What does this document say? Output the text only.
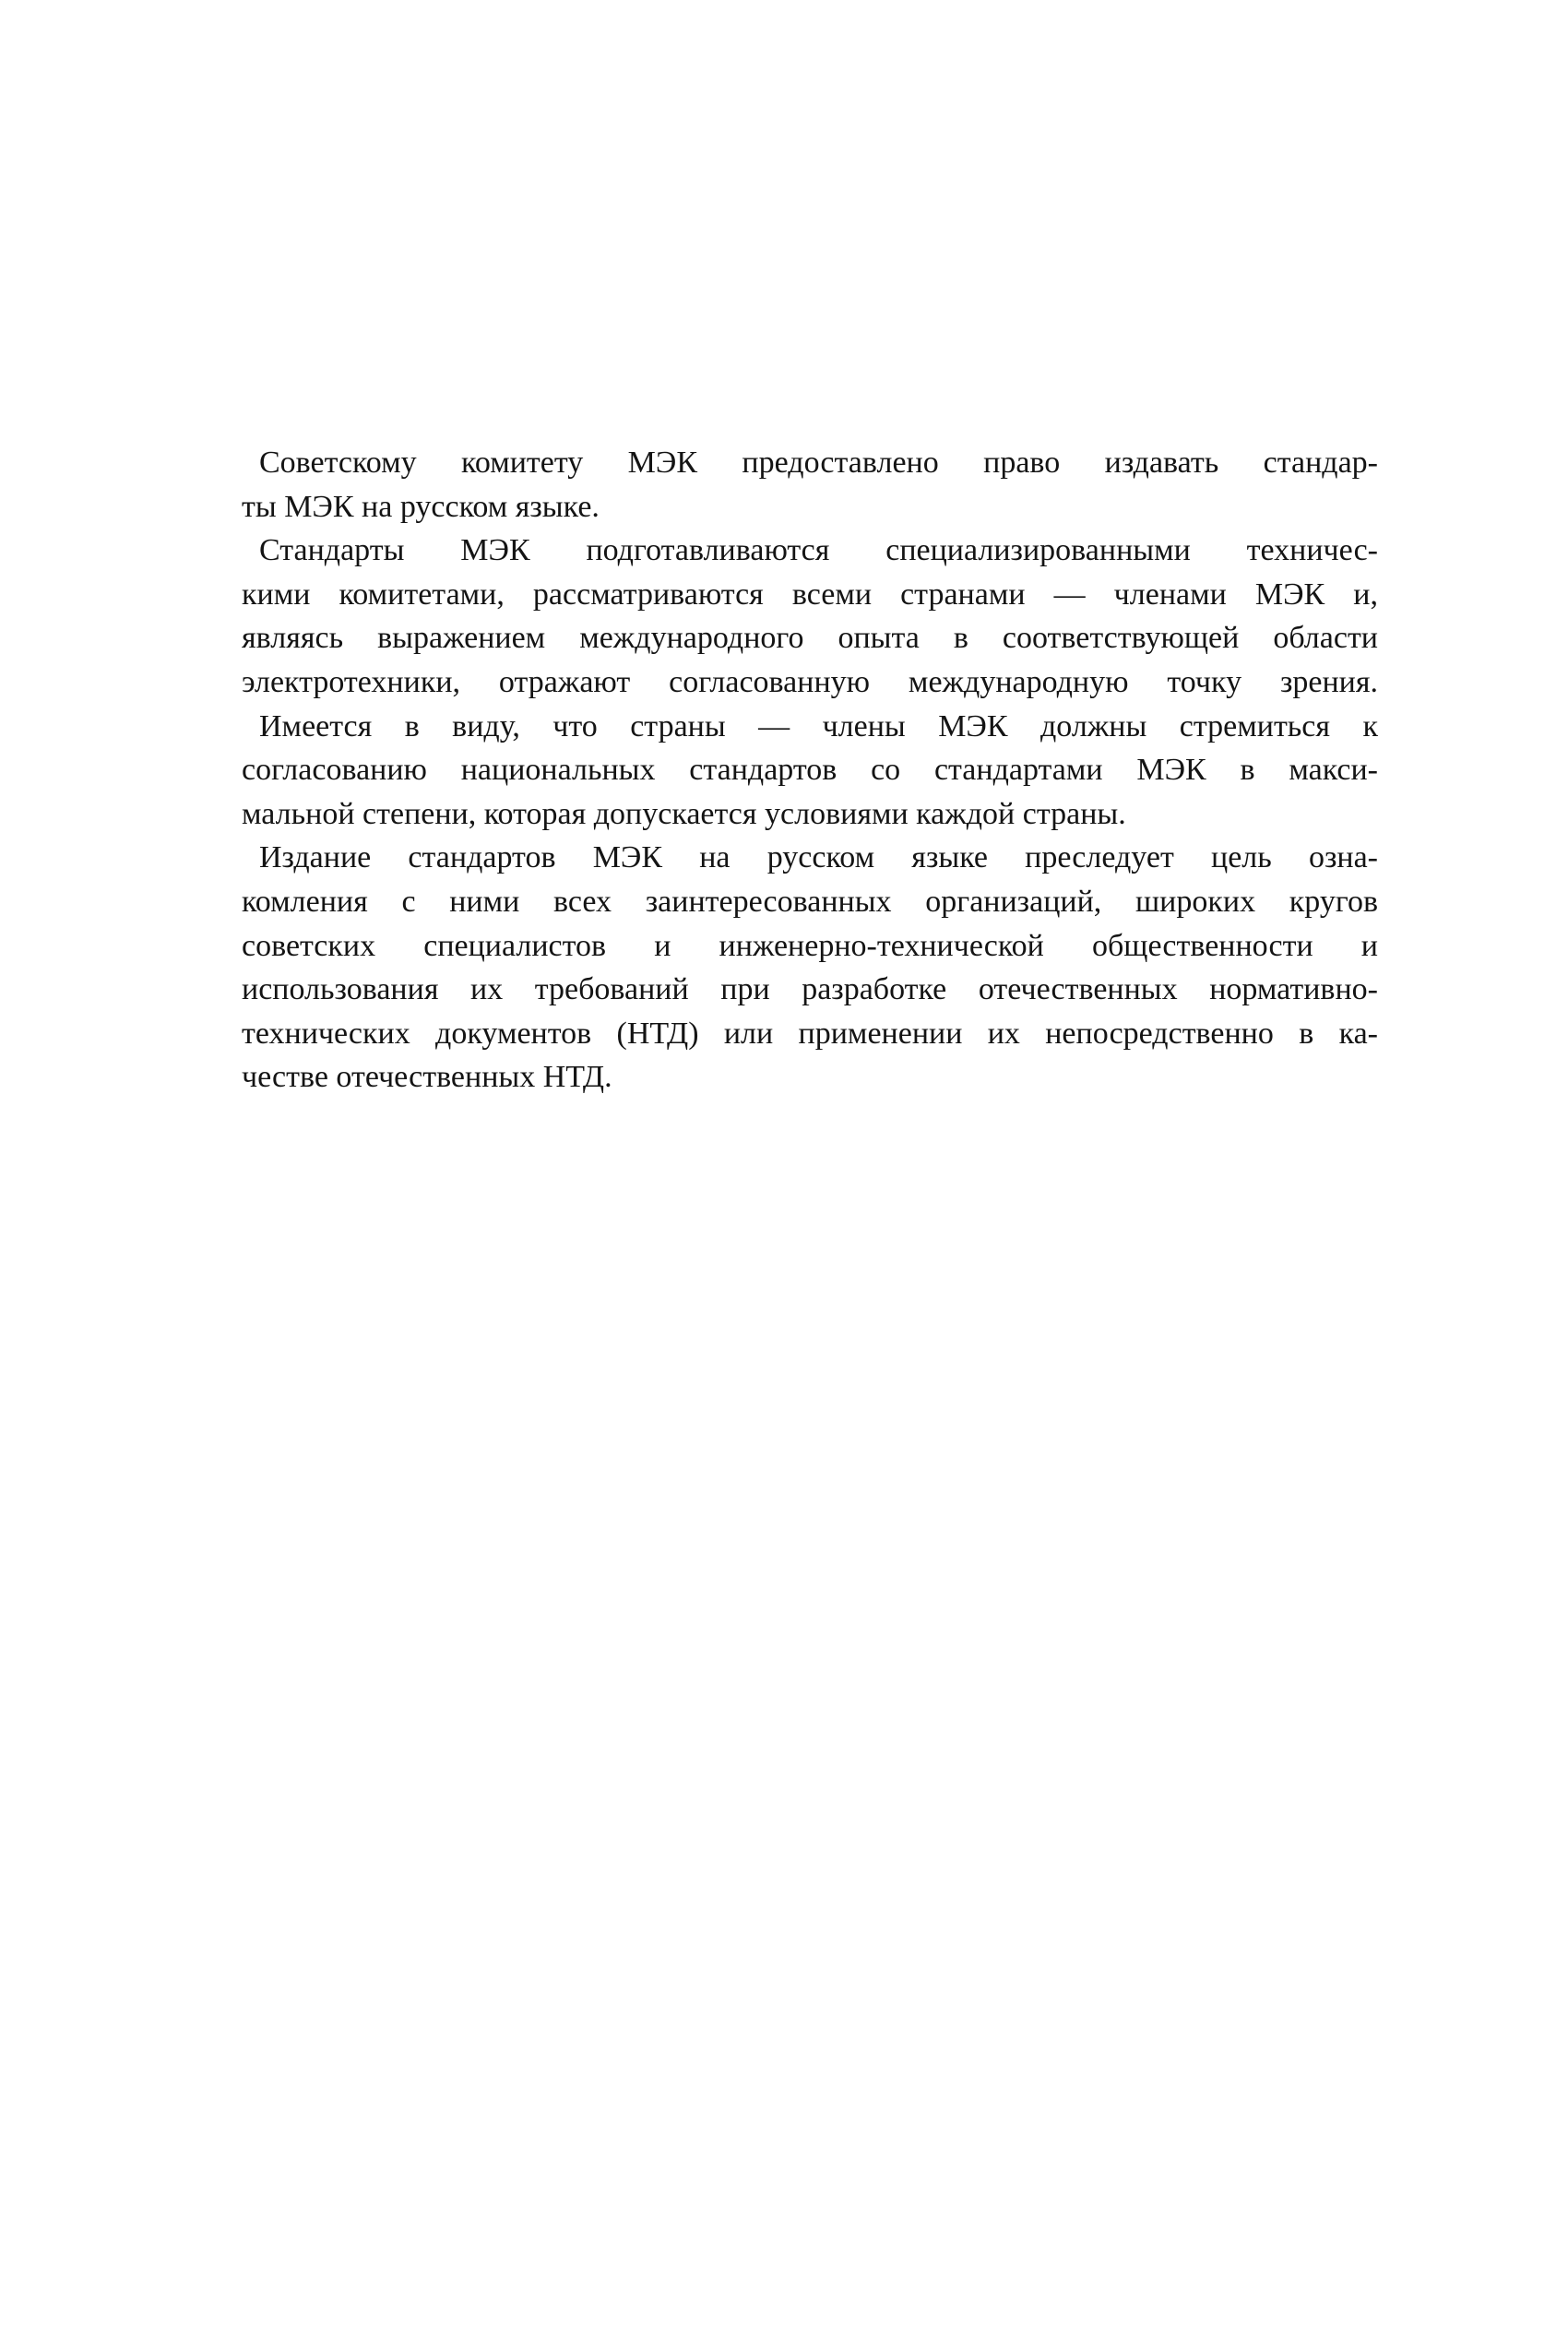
Советскому комитету МЭК предоставлено право издавать стандар-
ты МЭК на русском языке.
Стандарты МЭК подготавливаются специализированными техничес-
кими комитетами, рассматриваются всеми странами — членами МЭК и,
являясь выражением международного опыта в соответствующей области
электротехники, отражают согласованную международную точку зрения.
Имеется в виду, что страны — члены МЭК должны стремиться к
согласованию национальных стандартов со стандартами МЭК в макси-
мальной степени, которая допускается условиями каждой страны.
Издание стандартов МЭК на русском языке преследует цель озна-
комления с ними всех заинтересованных организаций, широких кругов
советских специалистов и инженерно-технической общественности и
использования их требований при разработке отечественных нормативно-
технических документов (НТД) или применении их непосредственно в ка-
честве отечественных НТД.
